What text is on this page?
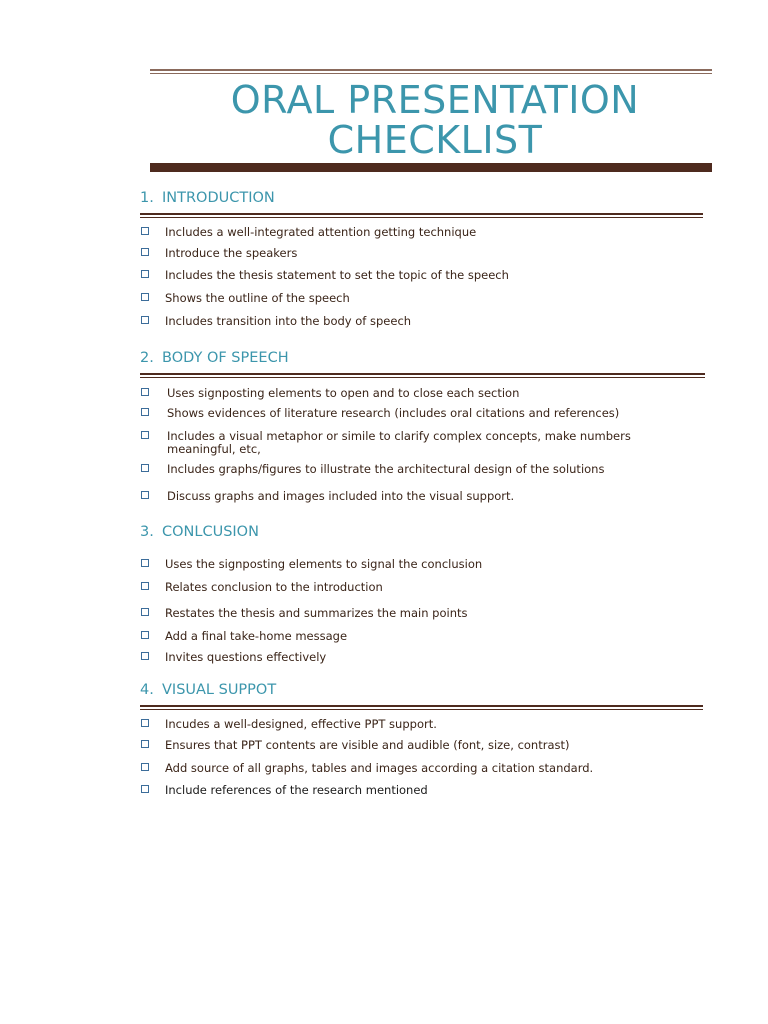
ORAL PRESENTATION
CHECKLIST
1. INTRODUCTION
Includes a well-integrated attention getting technique
Introduce the speakers
Includes the thesis statement to set the topic of the speech
Shows the outline of the speech
Includes transition into the body of speech
2. BODY OF SPEECH
Uses signposting elements to open and to close each section
Shows evidences of literature research (includes oral citations and references)
Includes a visual metaphor or simile to clarify complex concepts, make numbers meaningful, etc,
Includes graphs/figures to illustrate the architectural design of the solutions
Discuss graphs and images included into the visual support.
3. CONLCUSION
Uses the signposting elements to signal the conclusion
Relates conclusion to the introduction
Restates the thesis and summarizes the main points
Add a final take-home message
Invites questions effectively
4. VISUAL SUPPOT
Incudes a well-designed, effective PPT support.
Ensures that PPT contents are visible and audible (font, size, contrast)
Add source of all graphs, tables and images according a citation standard.
Include references of the research mentioned
